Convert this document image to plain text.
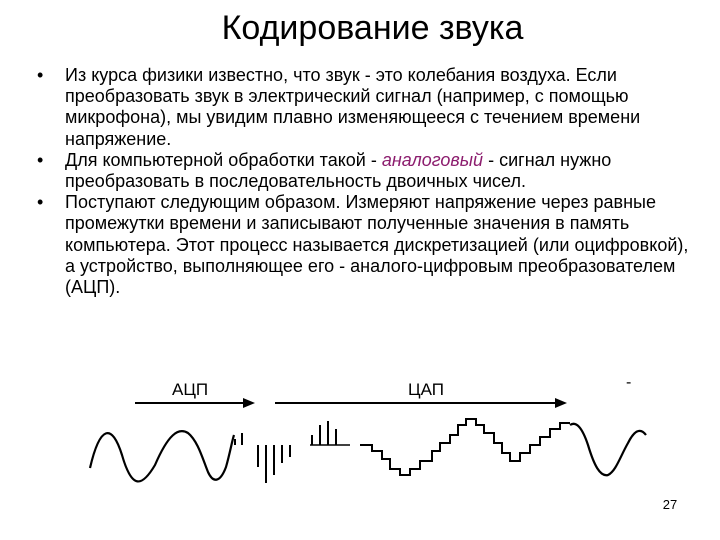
Кодирование звука
• Из курса физики известно, что звук - это колебания воздуха. Если преобразовать звук в электрический сигнал (например, с помощью микрофона), мы увидим плавно изменяющееся с течением времени напряжение.
• Для компьютерной обработки такой - аналоговый - сигнал нужно преобразовать в последовательность двоичных чисел.
• Поступают следующим образом. Измеряют напряжение через равные промежутки времени и записывают полученные значения в память компьютера. Этот процесс называется дискретизацией (или оцифровкой), а устройство, выполняющее его - аналого-цифровым преобразователем (АЦП).
АЦП	ЦАП	-
27
